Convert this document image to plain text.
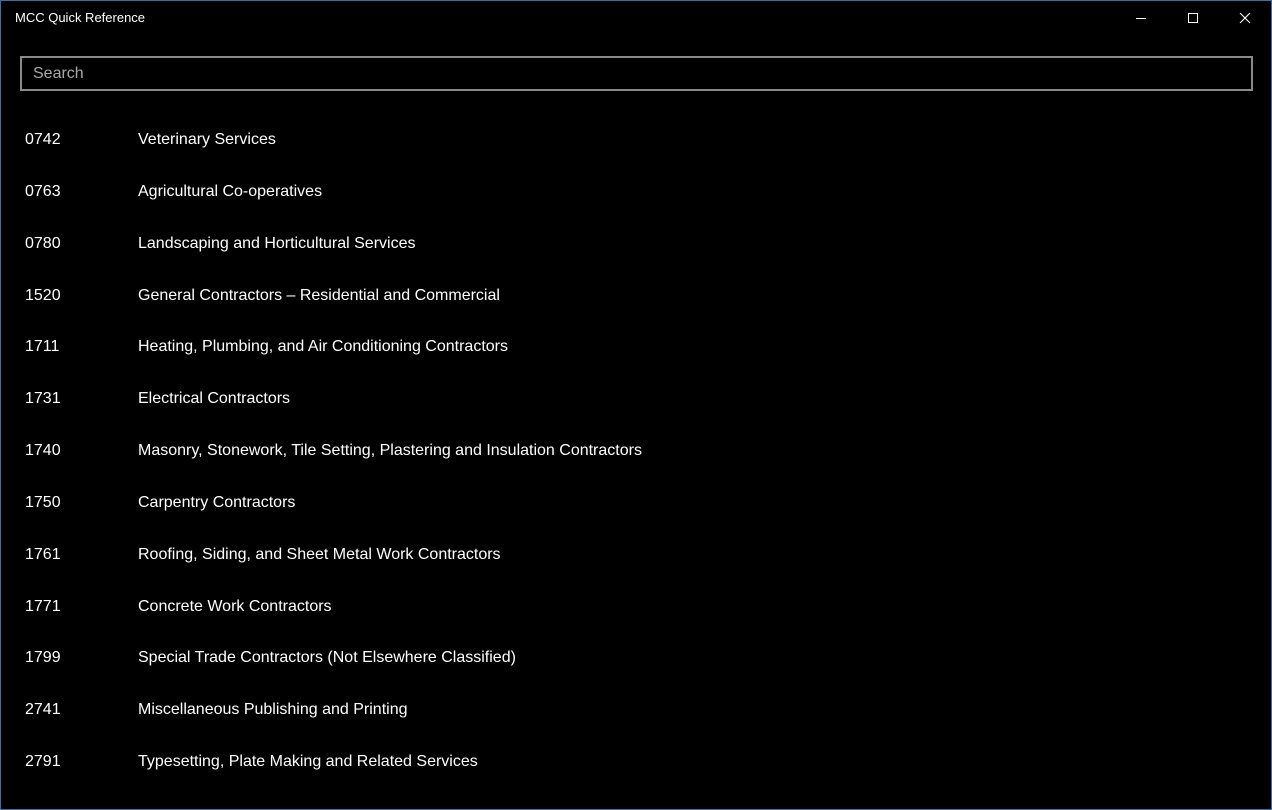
MCC Quick Reference
Search
0742	Veterinary Services
0763	Agricultural Co-operatives
0780	Landscaping and Horticultural Services
1520	General Contractors – Residential and Commercial
1711	Heating, Plumbing, and Air Conditioning Contractors
1731	Electrical Contractors
1740	Masonry, Stonework, Tile Setting, Plastering and Insulation Contractors
1750	Carpentry Contractors
1761	Roofing, Siding, and Sheet Metal Work Contractors
1771	Concrete Work Contractors
1799	Special Trade Contractors (Not Elsewhere Classified)
2741	Miscellaneous Publishing and Printing
2791	Typesetting, Plate Making and Related Services
